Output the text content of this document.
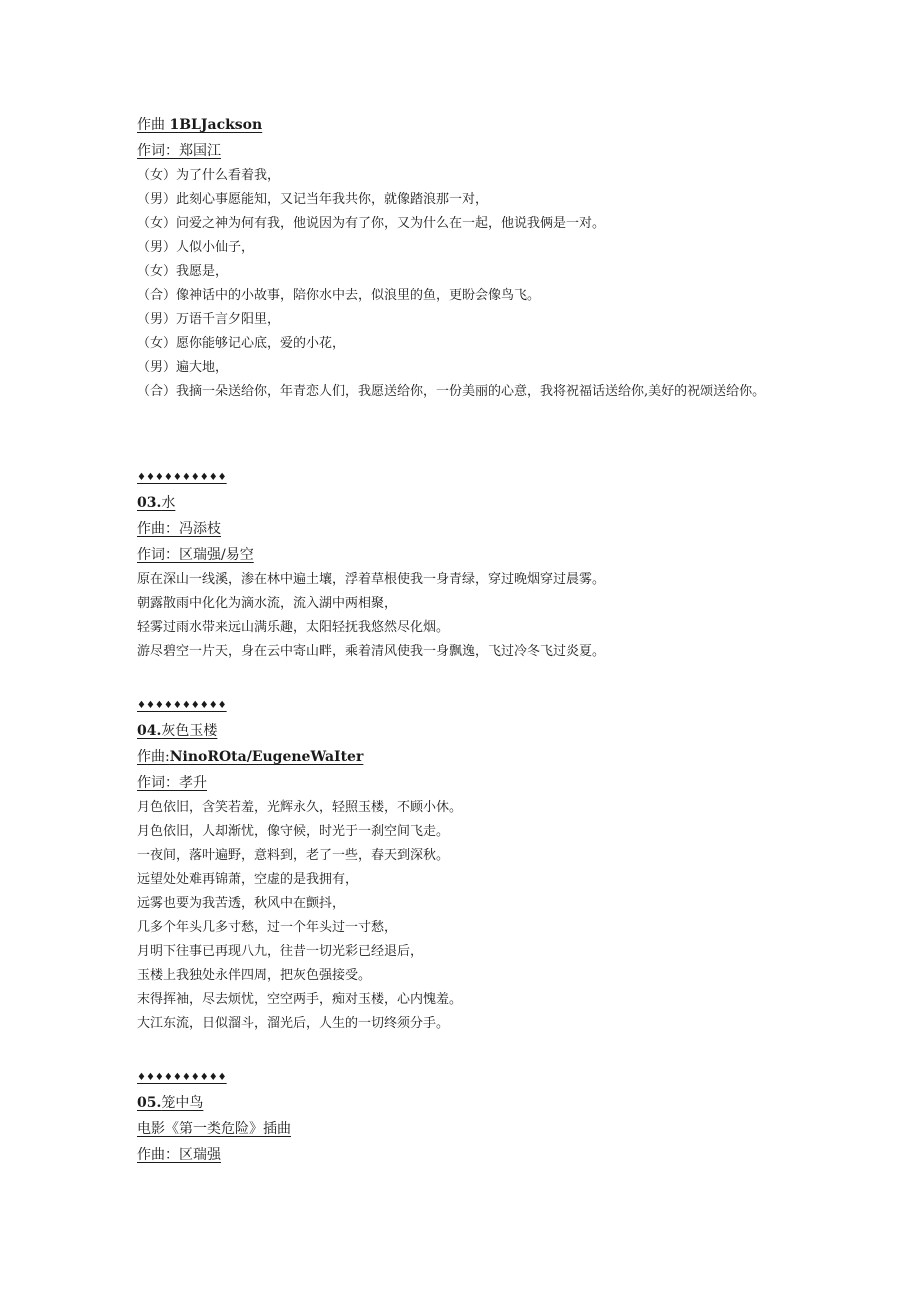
作曲 1BLJackson
作词：郑国江
（女）为了什么看着我，
（男）此刻心事愿能知，又记当年我共你，就像踏浪那一对，
（女）问爱之神为何有我，他说因为有了你，又为什么在一起，他说我俩是一对。
（男）人似小仙子，
（女）我愿是，
（合）像神话中的小故事，陪你水中去，似浪里的鱼，更盼会像鸟飞。
（男）万语千言夕阳里，
（女）愿你能够记心底，爱的小花，
（男）遍大地，
（合）我摘一朵送给你，年青恋人们，我愿送给你，一份美丽的心意，我将祝福话送给你,美好的祝颂送给你。
♦♦♦♦♦♦♦♦♦♦
03.水
作曲：冯添枝
作词：区瑞强/易空
原在深山一线溪，渗在林中遍土壤，浮着草根使我一身青绿，穿过晚烟穿过晨雾。
朝露散雨中化化为滴水流，流入湖中两相聚，
轻雾过雨水带来远山满乐趣，太阳轻抚我悠然尽化烟。
游尽碧空一片天，身在云中寄山畔，乘着清风使我一身飘逸，飞过冷冬飞过炎夏。
♦♦♦♦♦♦♦♦♦♦
04.灰色玉楼
作曲:NinoROta/EugeneWaIter
作词：孝升
月色依旧，含笑若羞，光辉永久，轻照玉楼，不顾小休。
月色依旧，人却渐忧，像守候，时光于一刹空间飞走。
一夜间，落叶遍野，意料到，老了一些，春天到深秋。
远望处处难再锦萧，空虚的是我拥有，
远雾也要为我苦透，秋风中在颤抖，
几多个年头几多寸愁，过一个年头过一寸愁，
月明下往事已再现八九，往昔一切光彩已经退后，
玉楼上我独处永伴四周，把灰色强接受。
末得挥袖，尽去烦忧，空空两手，痴对玉楼，心内愧羞。
大江东流，日似溜斗，溜光后，人生的一切终须分手。
♦♦♦♦♦♦♦♦♦♦
05.笼中鸟
电影《第一类危险》插曲
作曲：区瑞强
